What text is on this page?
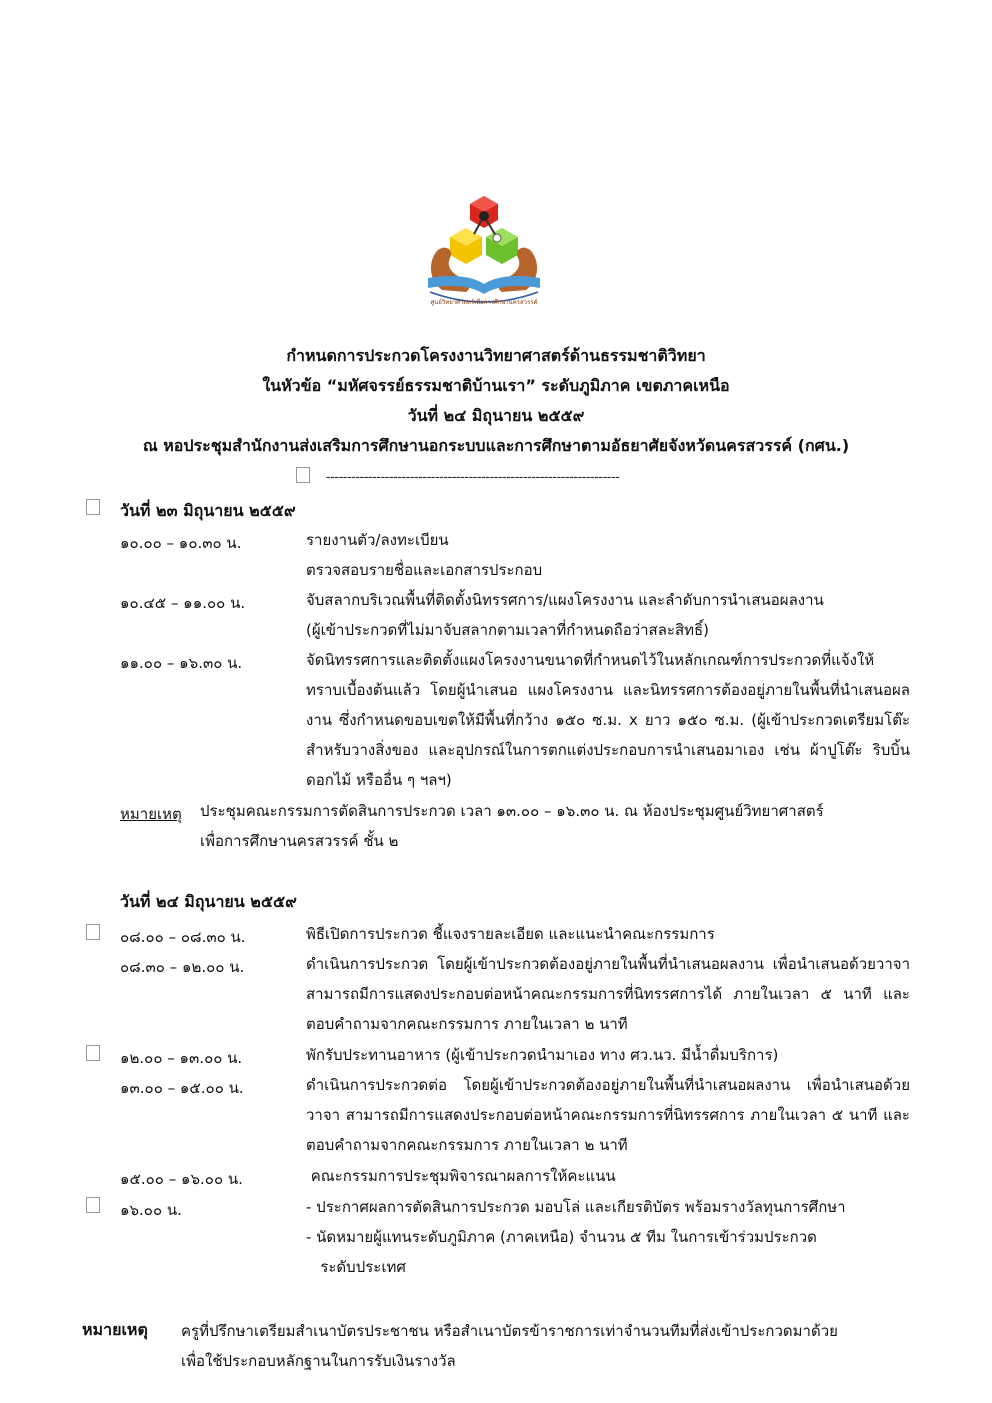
ศูนย์วิทยาศาสตร์เพื่อการศึกษานครสวรรค์
กำหนดการประกวดโครงงานวิทยาศาสตร์ด้านธรรมชาติวิทยา
ในหัวข้อ “มหัศจรรย์ธรรมชาติบ้านเรา” ระดับภูมิภาค เขตภาคเหนือ
วันที่ ๒๔ มิถุนายน ๒๕๕๙
ณ หอประชุมสำนักงานส่งเสริมการศึกษานอกระบบและการศึกษาตามอัธยาศัยจังหวัดนครสวรรค์ (กศน.)
----------------------------------------------------------------------
วันที่ ๒๓ มิถุนายน ๒๕๕๙
๑๐.๐๐ – ๑๐.๓๐ น.	รายงานตัว/ลงทะเบียน
ตรวจสอบรายชื่อและเอกสารประกอบ
๑๐.๔๕ – ๑๑.๐๐ น.	จับสลากบริเวณพื้นที่ติดตั้งนิทรรศการ/แผงโครงงาน และลำดับการนำเสนอผลงาน
(ผู้เข้าประกวดที่ไม่มาจับสลากตามเวลาที่กำหนดถือว่าสละสิทธิ์)
๑๑.๐๐ – ๑๖.๓๐ น.	จัดนิทรรศการและติดตั้งแผงโครงงานขนาดที่กำหนดไว้ในหลักเกณฑ์การประกวดที่แจ้งให้ทราบเบื้องต้นแล้ว โดยผู้นำเสนอ แผงโครงงาน และนิทรรศการต้องอยู่ภายในพื้นที่นำเสนอผลงาน ซึ่งกำหนดขอบเขตให้มีพื้นที่กว้าง ๑๕๐ ซ.ม. x ยาว ๑๕๐ ซ.ม. (ผู้เข้าประกวดเตรียมโต๊ะสำหรับวางสิ่งของ และอุปกรณ์ในการตกแต่งประกอบการนำเสนอมาเอง เช่น ผ้าปูโต๊ะ ริบบิ้น ดอกไม้ หรืออื่น ๆ ฯลฯ)
หมายเหตุ ประชุมคณะกรรมการตัดสินการประกวด เวลา ๑๓.๐๐ – ๑๖.๓๐ น. ณ ห้องประชุมศูนย์วิทยาศาสตร์
เพื่อการศึกษานครสวรรค์ ชั้น ๒
วันที่ ๒๔ มิถุนายน ๒๕๕๙
๐๘.๐๐ – ๐๘.๓๐ น.	พิธีเปิดการประกวด ชี้แจงรายละเอียด และแนะนำคณะกรรมการ
๐๘.๓๐ – ๑๒.๐๐ น.	ดำเนินการประกวด โดยผู้เข้าประกวดต้องอยู่ภายในพื้นที่นำเสนอผลงาน เพื่อนำเสนอด้วยวาจา สามารถมีการแสดงประกอบต่อหน้าคณะกรรมการที่นิทรรศการได้ ภายในเวลา ๕ นาที และตอบคำถามจากคณะกรรมการ ภายในเวลา ๒ นาที
๑๒.๐๐ – ๑๓.๐๐ น.	พักรับประทานอาหาร (ผู้เข้าประกวดนำมาเอง ทาง ศว.นว. มีน้ำดื่มบริการ)
๑๓.๐๐ – ๑๕.๐๐ น.	ดำเนินการประกวดต่อ โดยผู้เข้าประกวดต้องอยู่ภายในพื้นที่นำเสนอผลงาน เพื่อนำเสนอด้วยวาจา สามารถมีการแสดงประกอบต่อหน้าคณะกรรมการที่นิทรรศการ ภายในเวลา ๕ นาที และตอบคำถามจากคณะกรรมการ ภายในเวลา ๒ นาที
๑๕.๐๐ – ๑๖.๐๐ น.	คณะกรรมการประชุมพิจารณาผลการให้คะแนน
๑๖.๐๐ น.	- ประกาศผลการตัดสินการประกวด มอบโล่ และเกียรติบัตร พร้อมรางวัลทุนการศึกษา
- นัดหมายผู้แทนระดับภูมิภาค (ภาคเหนือ) จำนวน ๕ ทีม ในการเข้าร่วมประกวด
ระดับประเทศ
หมายเหตุ ครูที่ปรึกษาเตรียมสำเนาบัตรประชาชน หรือสำเนาบัตรข้าราชการเท่าจำนวนทีมที่ส่งเข้าประกวดมาด้วย
เพื่อใช้ประกอบหลักฐานในการรับเงินรางวัล
